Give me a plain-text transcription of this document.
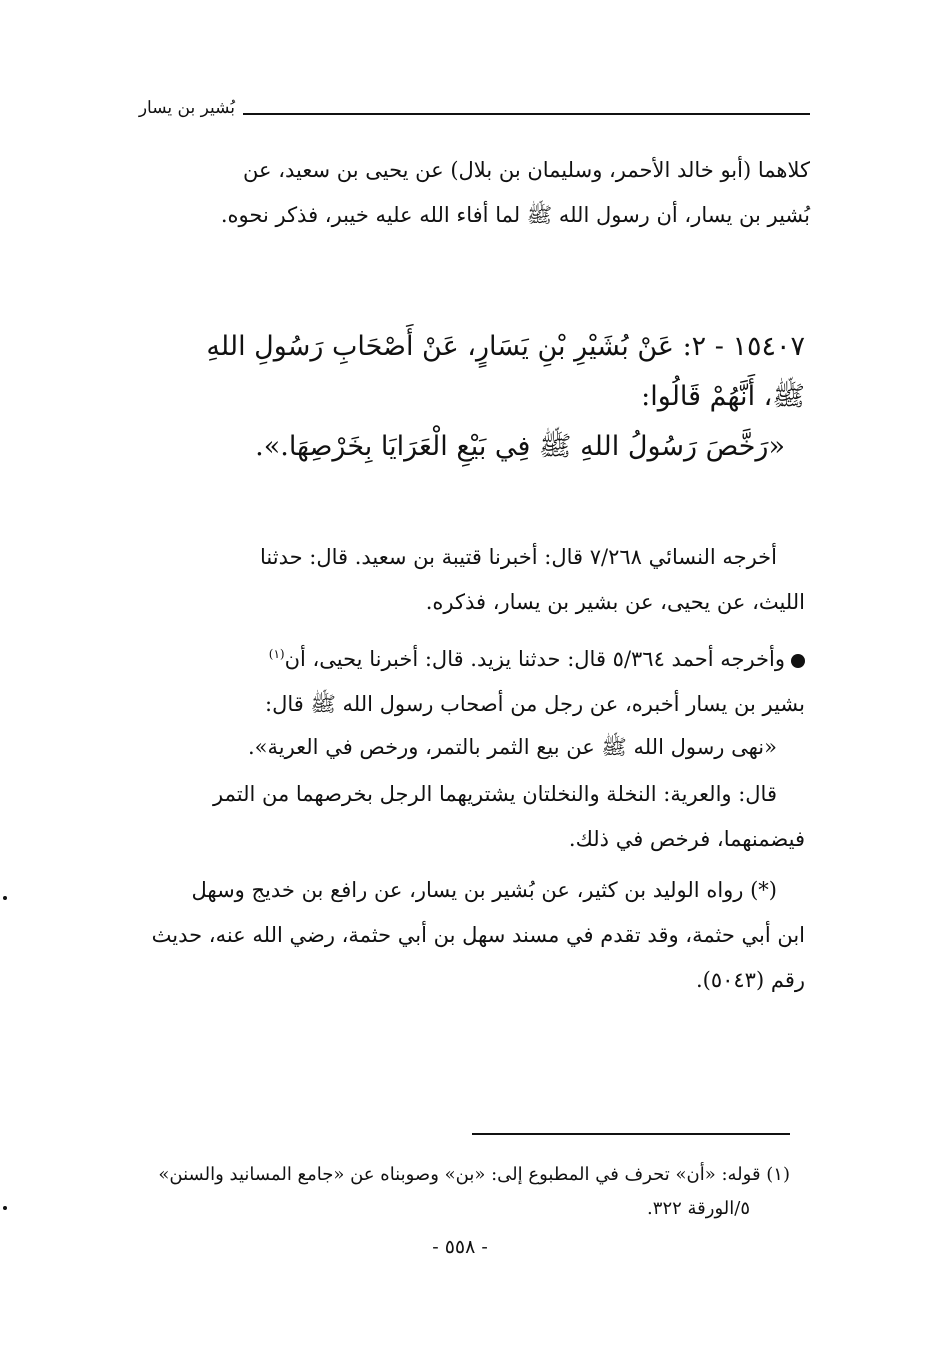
بُشير بن يسار
كلاهما (أبو خالد الأحمر، وسليمان بن بلال) عن يحيى بن سعيد، عن
بُشير بن يسار، أن رسول الله ﷺ لما أفاء الله عليه خيبر، فذكر نحوه.
١٥٤٠٧ - ٢: عَنْ بُشَيْرِ بْنِ يَسَارٍ، عَنْ أَصْحَابِ رَسُولِ اللهِ
ﷺ، أَنَّهُمْ قَالُوا:
«رَخَّصَ رَسُولُ اللهِ ﷺ فِي بَيْعِ الْعَرَايَا بِخَرْصِهَا.».
أخرجه النسائي ٧/٢٦٨ قال: أخبرنا قتيبة بن سعيد. قال: حدثنا
الليث، عن يحيى، عن بشير بن يسار، فذكره.
وأخرجه أحمد ٥/٣٦٤ قال: حدثنا يزيد. قال: أخبرنا يحيى، أن$^{(١)}$
بشير بن يسار أخبره، عن رجل من أصحاب رسول الله ﷺ قال:
«نهى رسول الله ﷺ عن بيع الثمر بالتمر، ورخص في العرية».
قال: والعرية: النخلة والنخلتان يشتريهما الرجل بخرصهما من التمر
فيضمنهما، فرخص في ذلك.
(*) رواه الوليد بن كثير، عن بُشير بن يسار، عن رافع بن خديج وسهل
ابن أبي حثمة، وقد تقدم في مسند سهل بن أبي حثمة، رضي الله عنه، حديث
رقم (٥٠٤٣).
(١) قوله: «أن» تحرف في المطبوع إلى: «بن» وصوبناه عن «جامع المسانيد والسنن»
٥/الورقة ٣٢٢.
- ٥٥٨ -
